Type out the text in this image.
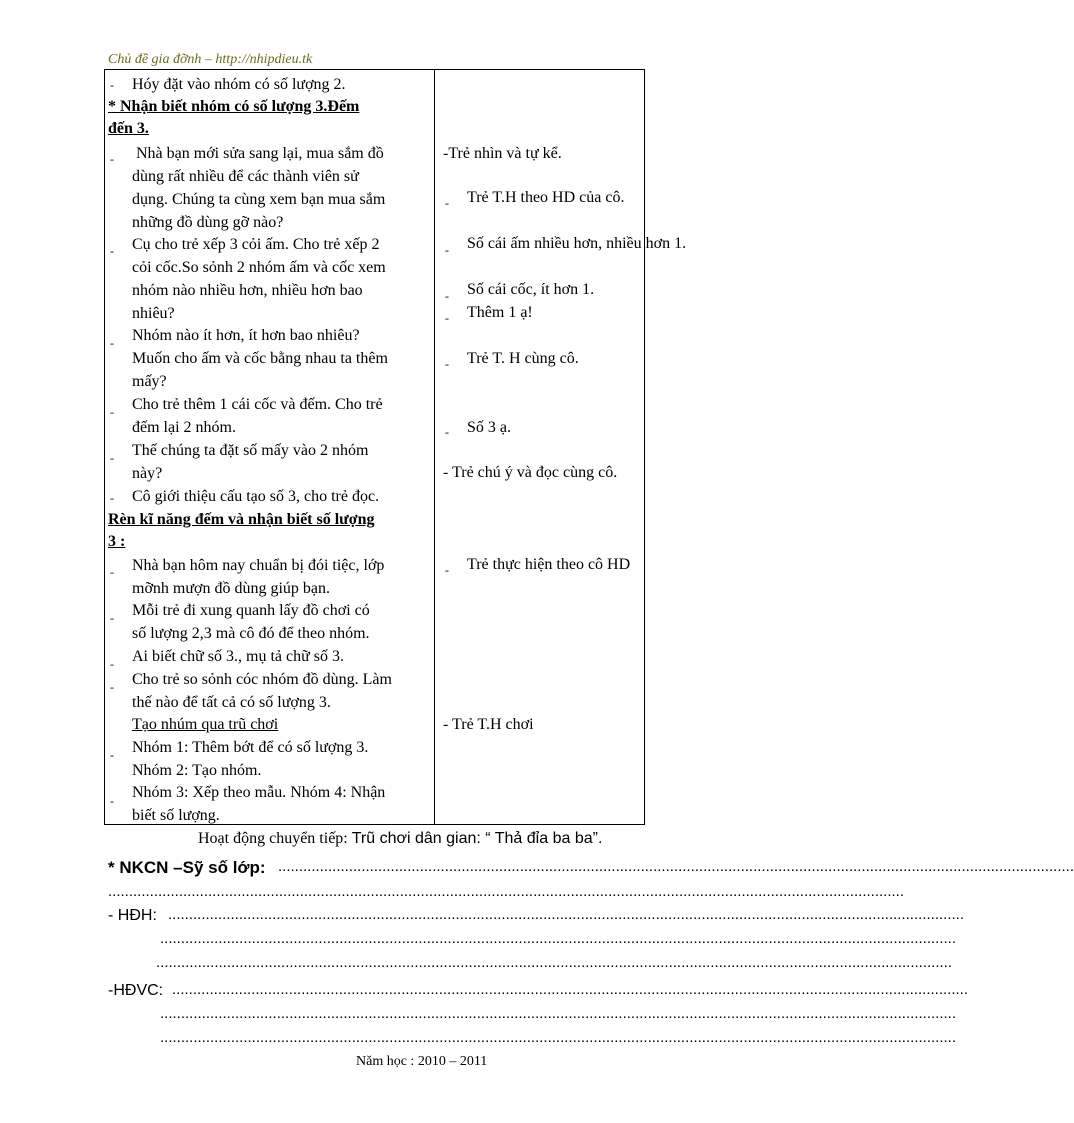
Chủ đề gia đỡnh – http://nhipdieu.tk
- Hóy đặt vào nhóm có số lượng 2.
* Nhận biết nhóm có số lượng 3.Đếm
đến 3.
- Nhà bạn mới sửa sang lại, mua sắm đồ
dùng rất nhiều để các thành viên sử
dụng. Chúng ta cùng xem bạn mua sắm
những đồ dùng gỡ nào?
- Cụ cho trẻ xếp 3 cỏi ấm. Cho trẻ xếp 2
cỏi cốc.So sỏnh 2 nhóm ấm và cốc xem
nhóm nào nhiều hơn, nhiều hơn bao
nhiêu?
- Nhóm nào ít hơn, ít hơn bao nhiêu?
Muốn cho ấm và cốc bằng nhau ta thêm
mấy?
- Cho trẻ thêm 1 cái cốc và đếm. Cho trẻ
đếm lại 2 nhóm.
- Thế chúng ta đặt số mấy vào 2 nhóm
này?
- Cô giới thiệu cấu tạo số 3, cho trẻ đọc.
Rèn kĩ năng đếm và nhận biết số lượng
3 :
- Nhà bạn hôm nay chuẩn bị đói tiệc, lớp
mỡnh mượn đồ dùng giúp bạn.
- Mỗi trẻ đi xung quanh lấy đồ chơi có
số lượng 2,3 mà cô đó để theo nhóm.
- Ai biết chữ số 3., mụ tả chữ số 3.
- Cho trẻ so sỏnh cóc nhóm đồ dùng. Làm
thế nào để tất cả có số lượng 3.
Tạo nhúm qua trũ chơi
- Nhóm 1: Thêm bớt để có số lượng 3.
Nhóm 2: Tạo nhóm.
- Nhóm 3: Xếp theo mẫu. Nhóm 4: Nhận
biết số lượng.
-Trẻ nhìn và tự kể.
- Trẻ T.H theo HD của cô.
- Số cái ấm nhiều hơn, nhiều hơn 1.
- Số cái cốc, ít hơn 1.
- Thêm 1 ạ!
- Trẻ T. H cùng cô.
- Số 3 ạ.
- Trẻ chú ý và đọc cùng cô.
- Trẻ thực hiện theo cô HD
- Trẻ T.H chơi
Hoạt động chuyển tiếp: Trũ chơi dân gian: “ Thả đỉa ba ba”.
* NKCN –Sỹ số lớp: ...............................................................................................................................................................................................
...............................................................................................................................................................................................
- HĐH: ...............................................................................................................................................................................................
...............................................................................................................................................................................................
...............................................................................................................................................................................................
-HĐVC: ...............................................................................................................................................................................................
...............................................................................................................................................................................................
...............................................................................................................................................................................................
Năm học : 2010 – 2011
